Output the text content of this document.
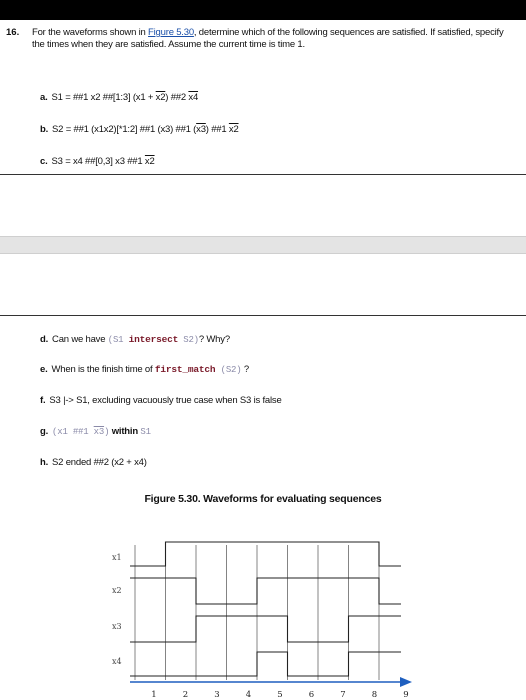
16. For the waveforms shown in Figure 5.30, determine which of the following sequences are satisfied. If satisfied, specify the times when they are satisfied. Assume the current time is time 1.
a. S1 = ##1 x2 ##[1:3] (x1 + x2) ##2 x4
b. S2 = ##1 (x1x2)[*1:2] ##1 (x3) ##1 (x3) ##1 x2
c. S3 = x4 ##[0,3] x3 ##1 x2
d. Can we have (S1 intersect S2)? Why?
e. When is the finish time of first_match (S2) ?
f. S3 |-> S1, excluding vacuously true case when S3 is false
g. (x1 ##1 x3) within S1
h. S2 ended ##2 (x2 + x4)
Figure 5.30. Waveforms for evaluating sequences
x1
x2
x3
x4
1	2	3	4	5	6	7	8	9
